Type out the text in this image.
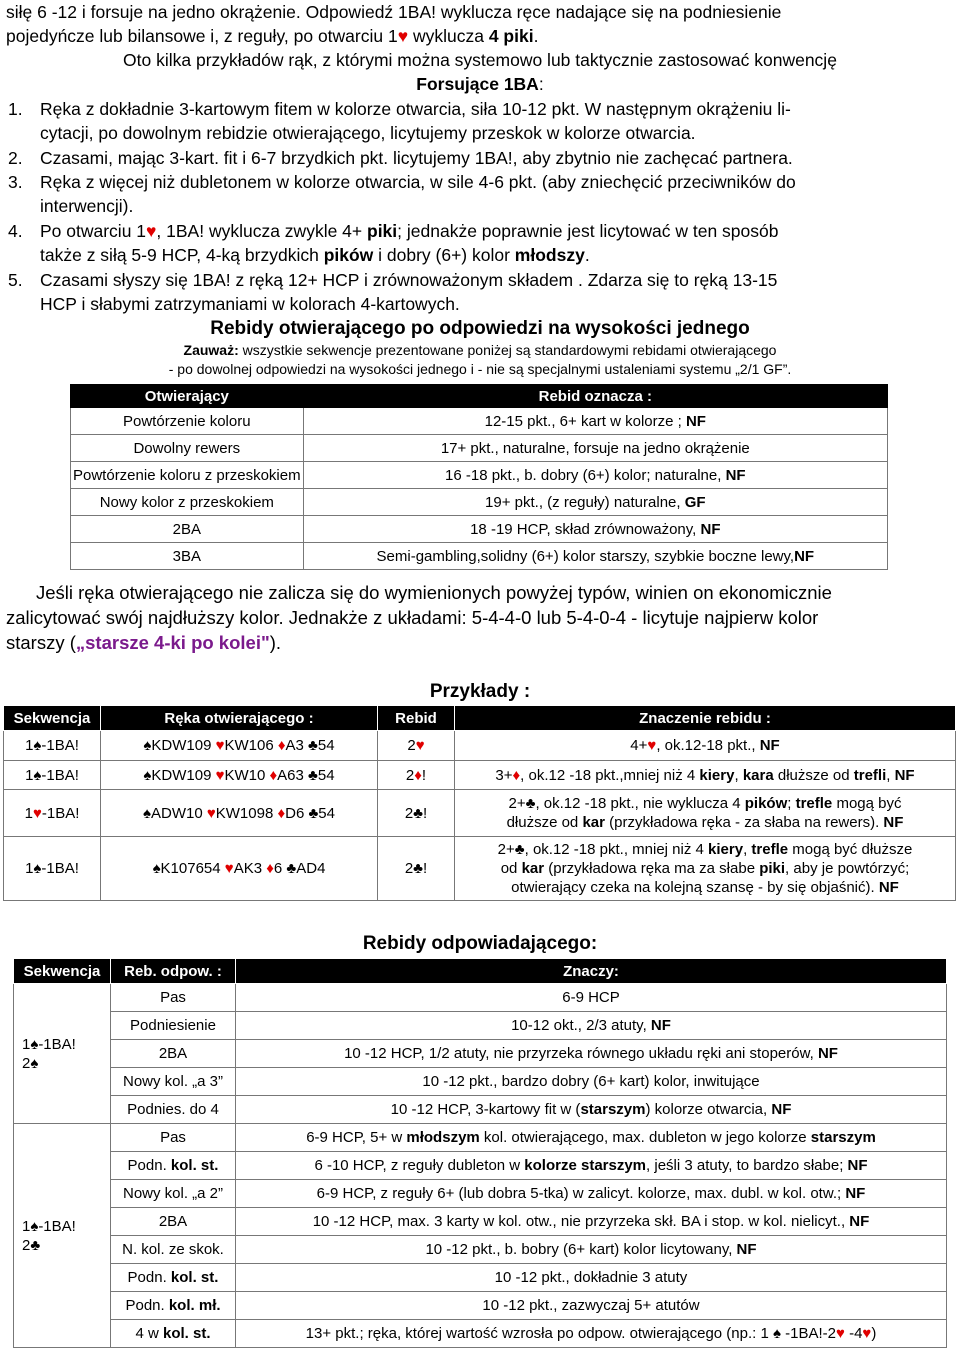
siłę 6 -12 i forsuje na jedno okrążenie. Odpowiedź 1BA! wyklucza ręce nadające się na podniesienie
pojedyńcze lub bilansowe i, z reguły, po otwarciu 1♥ wyklucza 4 piki.
Oto kilka przykładów rąk, z którymi można systemowo lub taktycznie zastosować konwencję
Forsujące 1BA:
1. Ręka z dokładnie 3-kartowym fitem w kolorze otwarcia, siła 10-12 pkt. W następnym okrążeniu li-
cytacji, po dowolnym rebidzie otwierającego, licytujemy przeskok w kolorze otwarcia.
2. Czasami, mając 3-kart. fit i 6-7 brzydkich pkt. licytujemy 1BA!, aby zbytnio nie zachęcać partnera.
3. Ręka z więcej niż dubletonem w kolorze otwarcia, w sile 4-6 pkt. (aby zniechęcić przeciwników do
interwencji).
4. Po otwarciu 1♥, 1BA! wyklucza zwykle 4+ piki; jednakże poprawnie jest licytować w ten sposób
także z siłą 5-9 HCP, 4-ką brzydkich pików i dobry (6+) kolor młodszy.
5. Czasami słyszy się 1BA! z ręką 12+ HCP i zrównoważonym składem . Zdarza się to ręką 13-15
HCP i słabymi zatrzymaniami w kolorach 4-kartowych.
Rebidy otwierającego po odpowiedzi na wysokości jednego
Zauważ: wszystkie sekwencje prezentowane poniżej są standardowymi rebidami otwierającego
- po dowolnej odpowiedzi na wysokości jednego i - nie są specjalnymi ustaleniami systemu „2/1 GF”.
Otwierający	Rebid oznacza :
Powtórzenie koloru	12-15 pkt., 6+ kart w kolorze ; NF
Dowolny rewers	17+ pkt., naturalne, forsuje na jedno okrążenie
Powtórzenie koloru z przeskokiem	16 -18 pkt., b. dobry (6+) kolor; naturalne, NF
Nowy kolor z przeskokiem	19+ pkt., (z reguły) naturalne, GF
2BA	18 -19 HCP, skład zrównoważony, NF
3BA	Semi-gambling,solidny (6+) kolor starszy, szybkie boczne lewy,NF
Jeśli ręka otwierającego nie zalicza się do wymienionych powyżej typów, winien on ekonomicznie
zalicytować swój najdłuższy kolor. Jednakże z układami: 5-4-4-0 lub 5-4-0-4 - licytuje najpierw kolor
starszy („starsze 4-ki po kolei").
Przykłady :
Sekwencja	Ręka otwierającego :	Rebid	Znaczenie rebidu :
1♠-1BA!	♠KDW109 ♥KW106 ♦A3 ♣54	2♥	4+♥, ok.12-18 pkt., NF
1♠-1BA!	♠KDW109 ♥KW10 ♦A63 ♣54	2♦!	3+♦, ok.12 -18 pkt.,mniej niż 4 kiery, kara dłuższe od trefli, NF
1♥-1BA!	♠ADW10 ♥KW1098 ♦D6 ♣54	2♣!	2+♣, ok.12 -18 pkt., nie wyklucza 4 pików; trefle mogą być
dłuższe od kar (przykładowa ręka - za słaba na rewers). NF
1♠-1BA!	♠K107654 ♥AK3 ♦6 ♣AD4	2♣!	2+♣, ok.12 -18 pkt., mniej niż 4 kiery, trefle mogą być dłuższe
od kar (przykładowa ręka ma za słabe piki, aby je powtórzyć;
otwierający czeka na kolejną szansę - by się objaśnić). NF
Rebidy odpowiadającego:
Sekwencja	Reb. odpow. :	Znaczy:
1♠-1BA!
2♠	Pas	6-9 HCP
	Podniesienie	10-12 okt., 2/3 atuty, NF
	2BA	10 -12 HCP, 1/2 atuty, nie przyrzeka równego układu ręki ani stoperów, NF
	Nowy kol. „a 3”	10 -12 pkt., bardzo dobry (6+ kart) kolor, inwitujące
	Podnies. do 4	10 -12 HCP, 3-kartowy fit w (starszym) kolorze otwarcia, NF
1♠-1BA!
2♣	Pas	6-9 HCP, 5+ w młodszym kol. otwierającego, max. dubleton w jego kolorze starszym
	Podn. kol. st.	6 -10 HCP, z reguły dubleton w kolorze starszym, jeśli 3 atuty, to bardzo słabe; NF
	Nowy kol. „a 2”	6-9 HCP, z reguły 6+ (lub dobra 5-tka) w zalicyt. kolorze, max. dubl. w kol. otw.; NF
	2BA	10 -12 HCP, max. 3 karty w kol. otw., nie przyrzeka skł. BA i stop. w kol. nielicyt., NF
	N. kol. ze skok.	10 -12 pkt., b. bobry (6+ kart) kolor licytowany, NF
	Podn. kol. st.	10 -12 pkt., dokładnie 3 atuty
	Podn. kol. mł.	10 -12 pkt., zazwyczaj 5+ atutów
	4 w kol. st.	13+ pkt.; ręka, której wartość wzrosła po odpow. otwierającego (np.: 1 ♠ -1BA!-2♥ -4♥)
